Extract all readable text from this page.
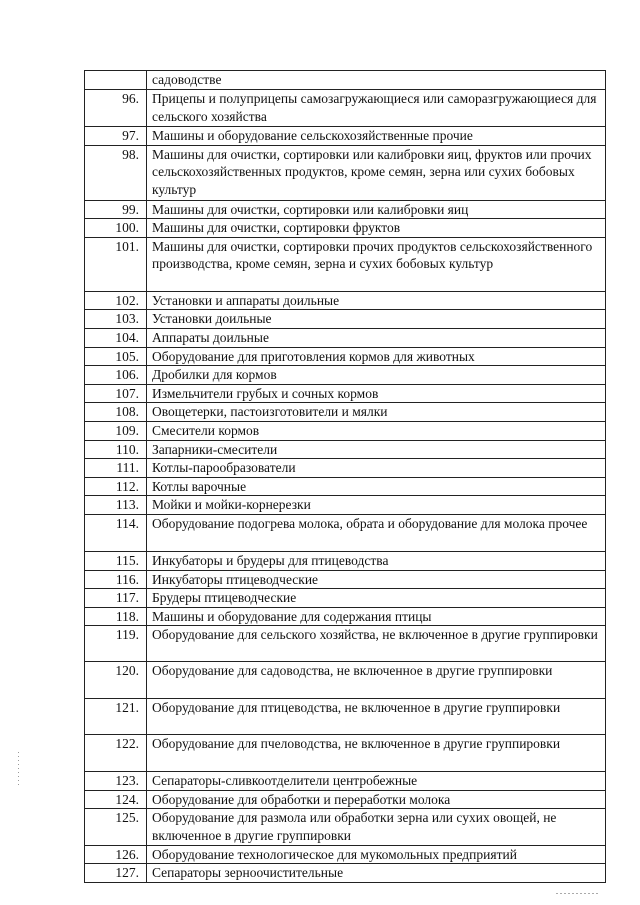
	садоводстве
96.	Прицепы и полуприцепы самозагружающиеся или саморазгружающиеся для сельского хозяйства
97.	Машины и оборудование сельскохозяйственные прочие
98.	Машины для очистки, сортировки или калибровки яиц, фруктов или прочих сельскохозяйственных продуктов, кроме семян, зерна или сухих бобовых культур
99.	Машины для очистки, сортировки или калибровки яиц
100.	Машины для очистки, сортировки фруктов
101.	Машины для очистки, сортировки прочих продуктов сельскохозяйственного производства, кроме семян, зерна и сухих бобовых культур
102.	Установки и аппараты доильные
103.	Установки доильные
104.	Аппараты доильные
105.	Оборудование для приготовления кормов для животных
106.	Дробилки для кормов
107.	Измельчители грубых и сочных кормов
108.	Овощетерки, пастоизготовители и мялки
109.	Смесители кормов
110.	Запарники-смесители
111.	Котлы-парообразователи
112.	Котлы варочные
113.	Мойки и мойки-корнерезки
114.	Оборудование подогрева молока, обрата и оборудование для молока прочее
115.	Инкубаторы и брудеры для птицеводства
116.	Инкубаторы птицеводческие
117.	Брудеры птицеводческие
118.	Машины и оборудование для содержания птицы
119.	Оборудование для сельского хозяйства, не включенное в другие группировки
120.	Оборудование для садоводства, не включенное в другие группировки
121.	Оборудование для птицеводства, не включенное в другие группировки
122.	Оборудование для пчеловодства, не включенное в другие группировки
123.	Сепараторы-сливкоотделители центробежные
124.	Оборудование для обработки и переработки молока
125.	Оборудование для размола или обработки зерна или сухих овощей, не включенное в другие группировки
126.	Оборудование технологическое для мукомольных предприятий
127.	Сепараторы зерноочистительные
